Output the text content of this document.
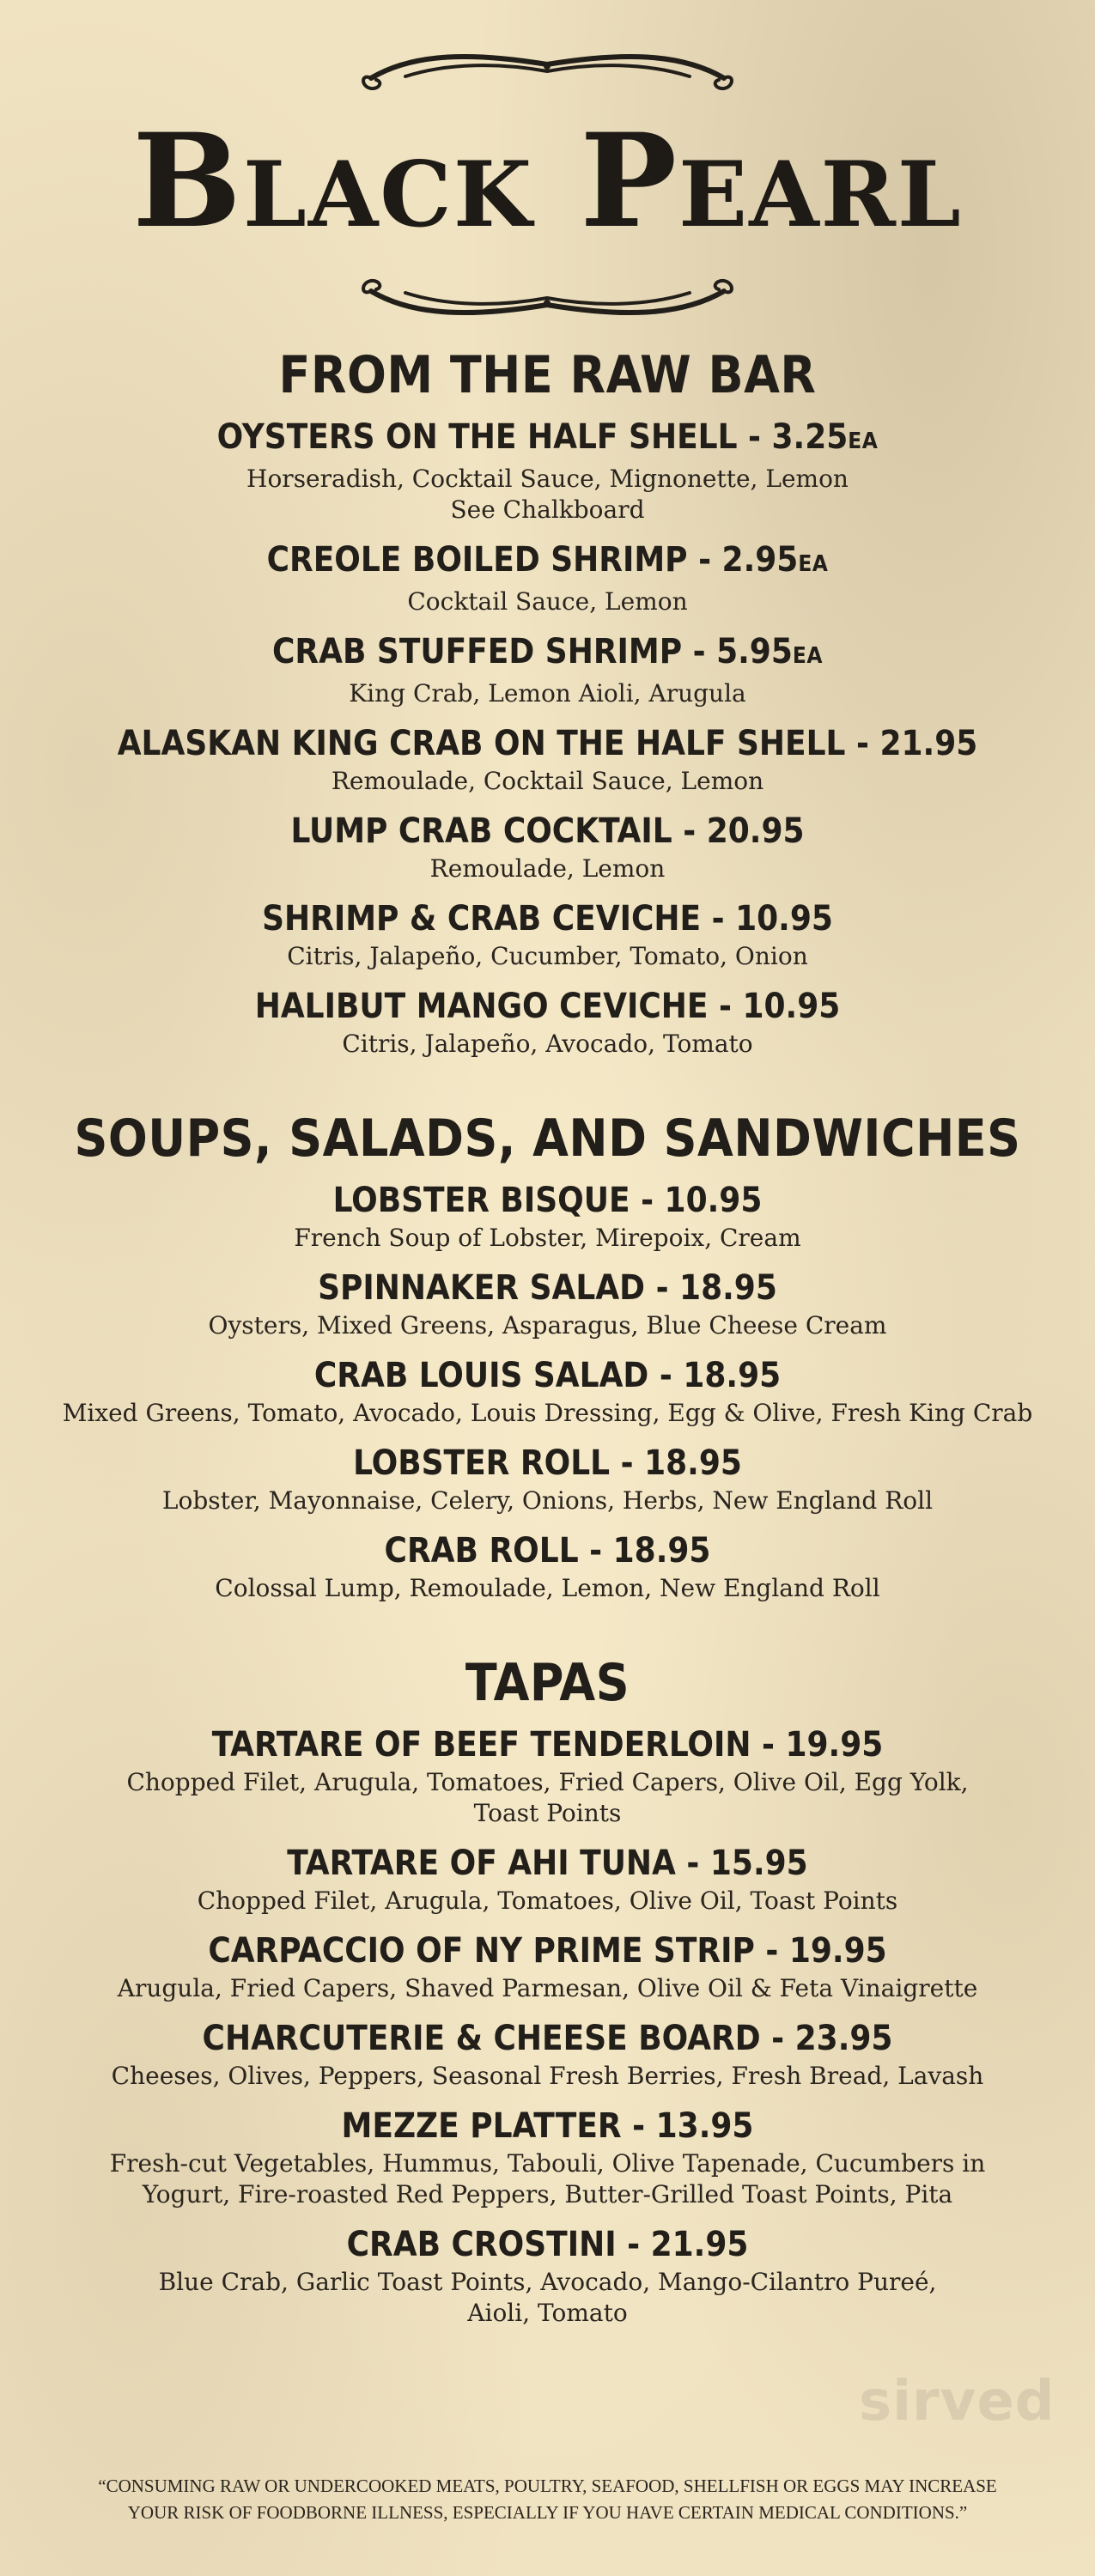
Black Pearl
FROM THE RAW BAR
OYSTERS ON THE HALF SHELL - 3.25EA
Horseradish, Cocktail Sauce, Mignonette, Lemon
See Chalkboard
CREOLE BOILED SHRIMP - 2.95EA
Cocktail Sauce, Lemon
CRAB STUFFED SHRIMP - 5.95EA
King Crab, Lemon Aioli, Arugula
ALASKAN KING CRAB ON THE HALF SHELL - 21.95
Remoulade, Cocktail Sauce, Lemon
LUMP CRAB COCKTAIL - 20.95
Remoulade, Lemon
SHRIMP & CRAB CEVICHE - 10.95
Citris, Jalapeño, Cucumber, Tomato, Onion
HALIBUT MANGO CEVICHE - 10.95
Citris, Jalapeño, Avocado, Tomato
SOUPS, SALADS, AND SANDWICHES
LOBSTER BISQUE - 10.95
French Soup of Lobster, Mirepoix, Cream
SPINNAKER SALAD - 18.95
Oysters, Mixed Greens, Asparagus, Blue Cheese Cream
CRAB LOUIS SALAD - 18.95
Mixed Greens, Tomato, Avocado, Louis Dressing, Egg & Olive, Fresh King Crab
LOBSTER ROLL - 18.95
Lobster, Mayonnaise, Celery, Onions, Herbs, New England Roll
CRAB ROLL - 18.95
Colossal Lump, Remoulade, Lemon, New England Roll
TAPAS
TARTARE OF BEEF TENDERLOIN - 19.95
Chopped Filet, Arugula, Tomatoes, Fried Capers, Olive Oil, Egg Yolk,
Toast Points
TARTARE OF AHI TUNA - 15.95
Chopped Filet, Arugula, Tomatoes, Olive Oil, Toast Points
CARPACCIO OF NY PRIME STRIP - 19.95
Arugula, Fried Capers, Shaved Parmesan, Olive Oil & Feta Vinaigrette
CHARCUTERIE & CHEESE BOARD - 23.95
Cheeses, Olives, Peppers, Seasonal Fresh Berries, Fresh Bread, Lavash
MEZZE PLATTER - 13.95
Fresh-cut Vegetables, Hummus, Tabouli, Olive Tapenade, Cucumbers in
Yogurt, Fire-roasted Red Peppers, Butter-Grilled Toast Points, Pita
CRAB CROSTINI - 21.95
Blue Crab, Garlic Toast Points, Avocado, Mango-Cilantro Pureé,
Aioli, Tomato
sirved
“CONSUMING RAW OR UNDERCOOKED MEATS, POULTRY, SEAFOOD, SHELLFISH OR EGGS MAY INCREASE
YOUR RISK OF FOODBORNE ILLNESS, ESPECIALLY IF YOU HAVE CERTAIN MEDICAL CONDITIONS.”
